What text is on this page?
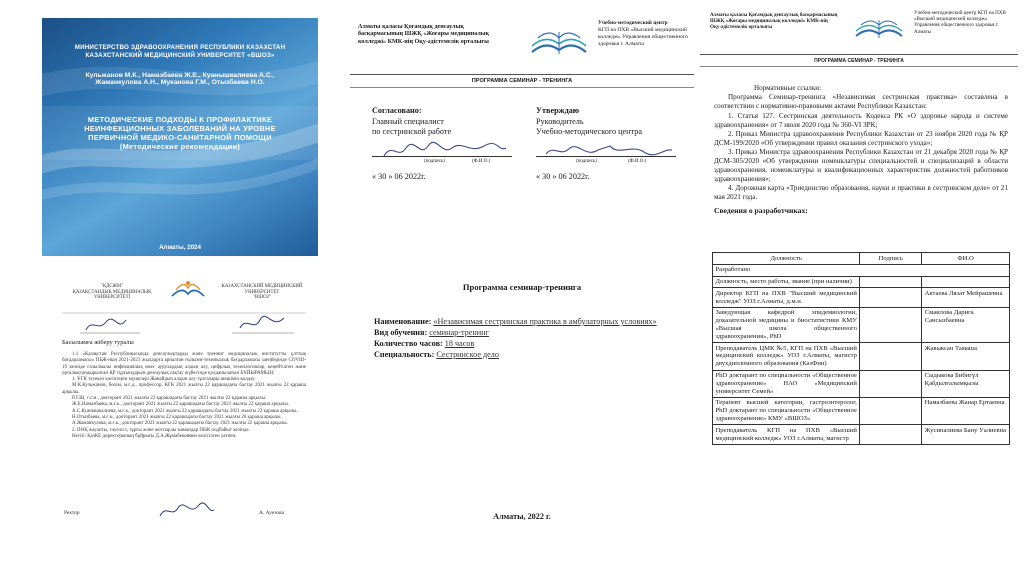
МИНИСТЕРСТВО ЗДРАВООХРАНЕНИЯ РЕСПУБЛИКИ КАЗАХСТАН
КАЗАХСТАНСКИЙ МЕДИЦИНСКИЙ УНИВЕРСИТЕТ «ВШОЗ»
Кульжанов М.К., Намазбаева Ж.Е., Куанышкалиева А.С.,
Жаманкулова А.Н., Муканова Г.М., Отызбаева Н.О.
МЕТОДИЧЕСКИЕ ПОДХОДЫ К ПРОФИЛАКТИКЕ
НЕИНФЕКЦИОННЫХ ЗАБОЛЕВАНИЙ НА УРОВНЕ
ПЕРВИЧНОЙ МЕДИКО-САНИТАРНОЙ ПОМОЩИ
(Методические рекомендации)
Алматы, 2024
Алматы қаласы Қоғамдық денсаулық басқармасының ШЖҚ «Жоғары медициналық колледжі» КМК-нің Оқу-әдістемелік орталығы
Учебно-методический центр
КГП на ПХВ «Высший медицинский колледж» Управления общественного
здоровья г. Алматы
ПРОГРАММА СЕМИНАР - ТРЕНИНГА
Согласовано:
Главный специалист
по сестринской работе

(подпись)	(Ф.И.О.)
« 30 » 06 2022г.
Утверждаю
Руководитель
Учебно-методического центра

(подпись)	(Ф.И.О.)
« 30 » 06 2022г.
Программа семинар-тренинга
Наименование: «Независимая сестринская практика в амбулаторных условиях»
Вид обучения: семинар-тренинг
Количество часов: 18 часов
Специальность: Сестринское дело
Алматы, 2022 г.
Алматы қаласы Қоғамдық денсаулық басқармасының ШЖҚ «Жоғары медициналық колледжі» КМК-нің Оқу-әдістемелік орталығы
Учебно-методический центр КГП на ПХВ «Высший медицинский колледж» Управления общественного здоровья г. Алматы
ПРОГРАММА СЕМИНАР - ТРЕНИНГА

Нормативные ссылки:

Программа Семинар-тренинга «Независимая сестринская практика» составлена в соответствии с нормативно-правовыми актами Республики Казахстан:

1. Статья 127. Сестринская деятельность Кодекса РК «О здоровье народа и системе здравоохранения» от 7 июля 2020 года № 360-VI ЗРК;

2. Приказ Министра здравоохранения Республики Казахстан от 23 ноября 2020 года № ҚР ДСМ-199/2020 «Об утверждении правил оказания сестринского ухода»;

3. Приказ Министра здравоохранения Республики Казахстан от 21 декабря 2020 года № ҚР ДСМ-305/2020 «Об утверждении номенклатуры специальностей и специализаций в области здравоохранения, номенклатуры и квалификационных характеристик должностей работников здравоохранения»;

4. Дорожная карта «Триединство образования, науки и практики в сестринском деле» от 21 мая 2021 года.

Сведения о разработчиках:

Должность	Подпись	ФИ.О
Разработано		
Должность, место работы, звание (при наличии)		
Директор КГП на ПХВ "Высший медицинский колледж" УОЗ г.Алматы, д.м.н.		Актаева Лязат Мейрашевна
Заведующая кафедрой эпидемиологии, доказательной медицины и биостатистики КМУ «Высшая школа общественного здравоохранения», PhD		Смаилова Дарига Сансызбаевна
Преподаватель ЦМК №5, КГП на ПХВ «Высший медицинский колледж» УОЗ г.Алматы, магистр двухдипломного образования (КазФин)		Жавыксан Тамаша
PhD доктарант по специальности «Общественное здравоохранение» НАО «Медицинский университет Семей»		Сыдыкова Бибигүл Қабдылғалымқызы
Терапевт высшей категории, гастроэнтеролог, PhD доктарант по специальности «Общественное здравоохранение» КМУ «ВШОЗ»		Намазбаева Жанар Ертаевна
Преподаватель КГП на ПХВ «Высший медицинский колледж» УОЗ г.Алматы, магистр		Жусипалиева Бану Уалиевна
"ҚДСЖМ"
ҚАЗАҚСТАНДЫҚ МЕДИЦИНАЛЫҚ
УНИВЕРСИТЕТІ
КАЗАХСТАНСКИЙ МЕДИЦИНСКИЙ
УНИВЕРСИТЕТ
"ВШОЗ"
Басылымға жіберу туралы

1.1 «Қазақстан Республикасында денсаулықтарды және тренинг медициналық институтты ұлттық бағдарламасы» ПБЖ-ның 2021-2023 жылдарға арналған ғылыми-техникалық бағдарламасы шеңберінде COVID-19 кезінде созылмалы инфекциялық емес аурулардың алдын алу, цифрлық технологиялар, кеңейтілген және орталықтандырылған ҚР тұрғындарын денсаулық сақтау жүйесінде қолданылатын БҰЙЫРАМЫН:

1. ҰГК тәуекел кәсіптерін мүшелері Жанайдың алдын алу тұлғалары шешімін қолдау.

М.К.Кульжанов, бөлім, м.ғ.д., профессор, КГК 2021 жылғы 22 қарашадағы бастау 2021 жылғы 22 қараша арқылы.

Р.Т.Ш, т.с.м., докторант 2021 жылғы 22 қарашадағы бастау 2021 жылғы 22 қараша арқылы.

Ж.Е.Намазбаева, м.ғ.к., докторант 2021 жылғы 22 қарашадағы бастау 2021 жылғы 22 қараша арқылы.

А.С.Куанышкалиева, м.ғ.к., докторант 2021 жылғы 22 қарашадағы бастау 2021 жылғы 22 қараша арқылы.

Н.Отызбаева, м.ғ.к., докторант 2021 жылғы 22 қарашадағы бастау 2021 жылғы 26 қараша арқылы.

А.Жаманкулова, м.ғ.к., докторант 2021 жылғы 22 қарашадағы бастау 2021 жылғы 22 қараша арқылы.

2. ПӨҚ жауапты, тәуелсіз, тұрғы және жоспарлы мамандар ПБЖ подбайыт кезінде.

Негізі: ҚазКЕ директорының бұйрығы Д.А.Жұмабековмен келісілген хатпен.

Ректор	А. Ауезова
